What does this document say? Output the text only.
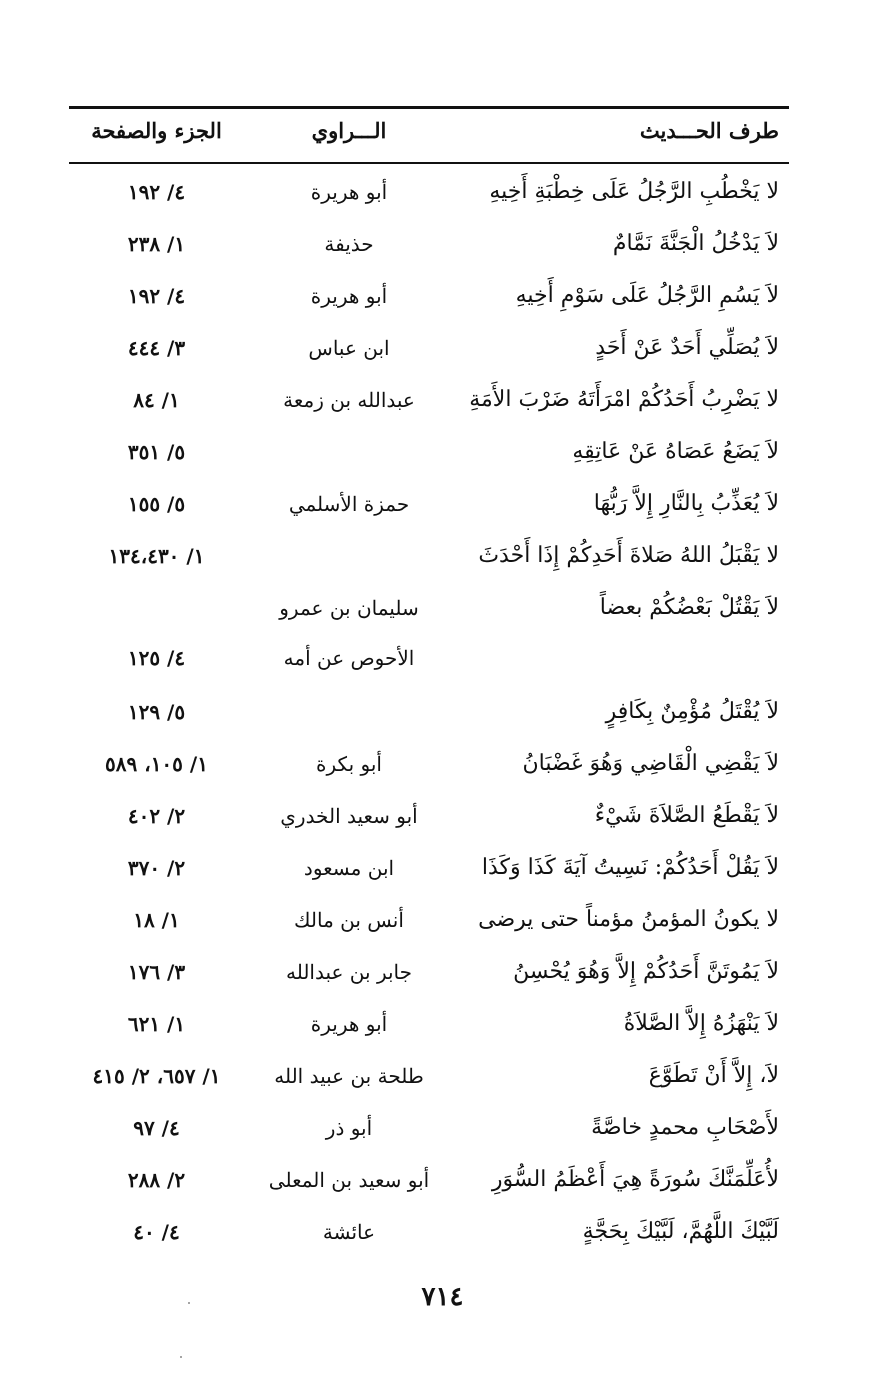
طرف الحـــديث
الـــراوي
الجزء والصفحة
لا يَخْطُبِ الرَّجُلُ عَلَى خِطْبَةِ أَخِيهِ
أبو هريرة
٤/ ١٩٢
لاَ يَدْخُلُ الْجَنَّةَ نَمَّامٌ
حذيفة
١/ ٢٣٨
لاَ يَسُمِ الرَّجُلُ عَلَى سَوْمِ أَخِيهِ
أبو هريرة
٤/ ١٩٢
لاَ يُصَلِّي أَحَدٌ عَنْ أَحَدٍ
ابن عباس
٣/ ٤٤٤
لا يَضْرِبُ أَحَدُكُمْ امْرَأَتَهُ ضَرْبَ الأَمَةِ
عبدالله بن زمعة
١/ ٨٤
لاَ يَضَعُ عَصَاهُ عَنْ عَاتِقِهِ
٥/ ٣٥١
لاَ يُعَذِّبُ بِالنَّارِ إِلاَّ رَبُّهَا
حمزة الأسلمي
٥/ ١٥٥
لا يَقْبَلُ اللهُ صَلاةَ أَحَدِكُمْ إِذَا أَحْدَثَ
١/ ١٣٤،٤٣٠
لاَ يَقْتُلْ بَعْضُكُمْ بعضاً
سليمان بن عمرو
الأحوص عن أمه
٤/ ١٢٥
لاَ يُقْتَلُ مُؤْمِنٌ بِكَافِرٍ
٥/ ١٢٩
لاَ يَقْضِي الْقَاضِي وَهُوَ غَضْبَانُ
أبو بكرة
١/ ١٠٥، ٥٨٩
لاَ يَقْطَعُ الصَّلاَةَ شَيْءٌ
أبو سعيد الخدري
٢/ ٤٠٢
لاَ يَقُلْ أَحَدُكُمْ: نَسِيتُ آيَةَ كَذَا وَكَذَا
ابن مسعود
٢/ ٣٧٠
لا يكونُ المؤمنُ مؤمناً حتى يرضى
أنس بن مالك
١/ ١٨
لاَ يَمُوتَنَّ أَحَدُكُمْ إِلاَّ وَهُوَ يُحْسِنُ
جابر بن عبدالله
٣/ ١٧٦
لاَ يَنْهَزُهُ إِلاَّ الصَّلاَةُ
أبو هريرة
١/ ٦٢١
لاَ، إِلاَّ أَنْ تَطَوَّعَ
طلحة بن عبيد الله
١/ ٦٥٧، ٢/ ٤١٥
لأَصْحَابِ محمدٍ خاصَّةً
أبو ذر
٤/ ٩٧
لأُعَلِّمَنَّكَ سُورَةً هِيَ أَعْظَمُ السُّوَرِ
أبو سعيد بن المعلى
٢/ ٢٨٨
لَبَّيْكَ اللَّهُمَّ، لَبَّيْكَ بِحَجَّةٍ
عائشة
٤/ ٤٠
٧١٤
